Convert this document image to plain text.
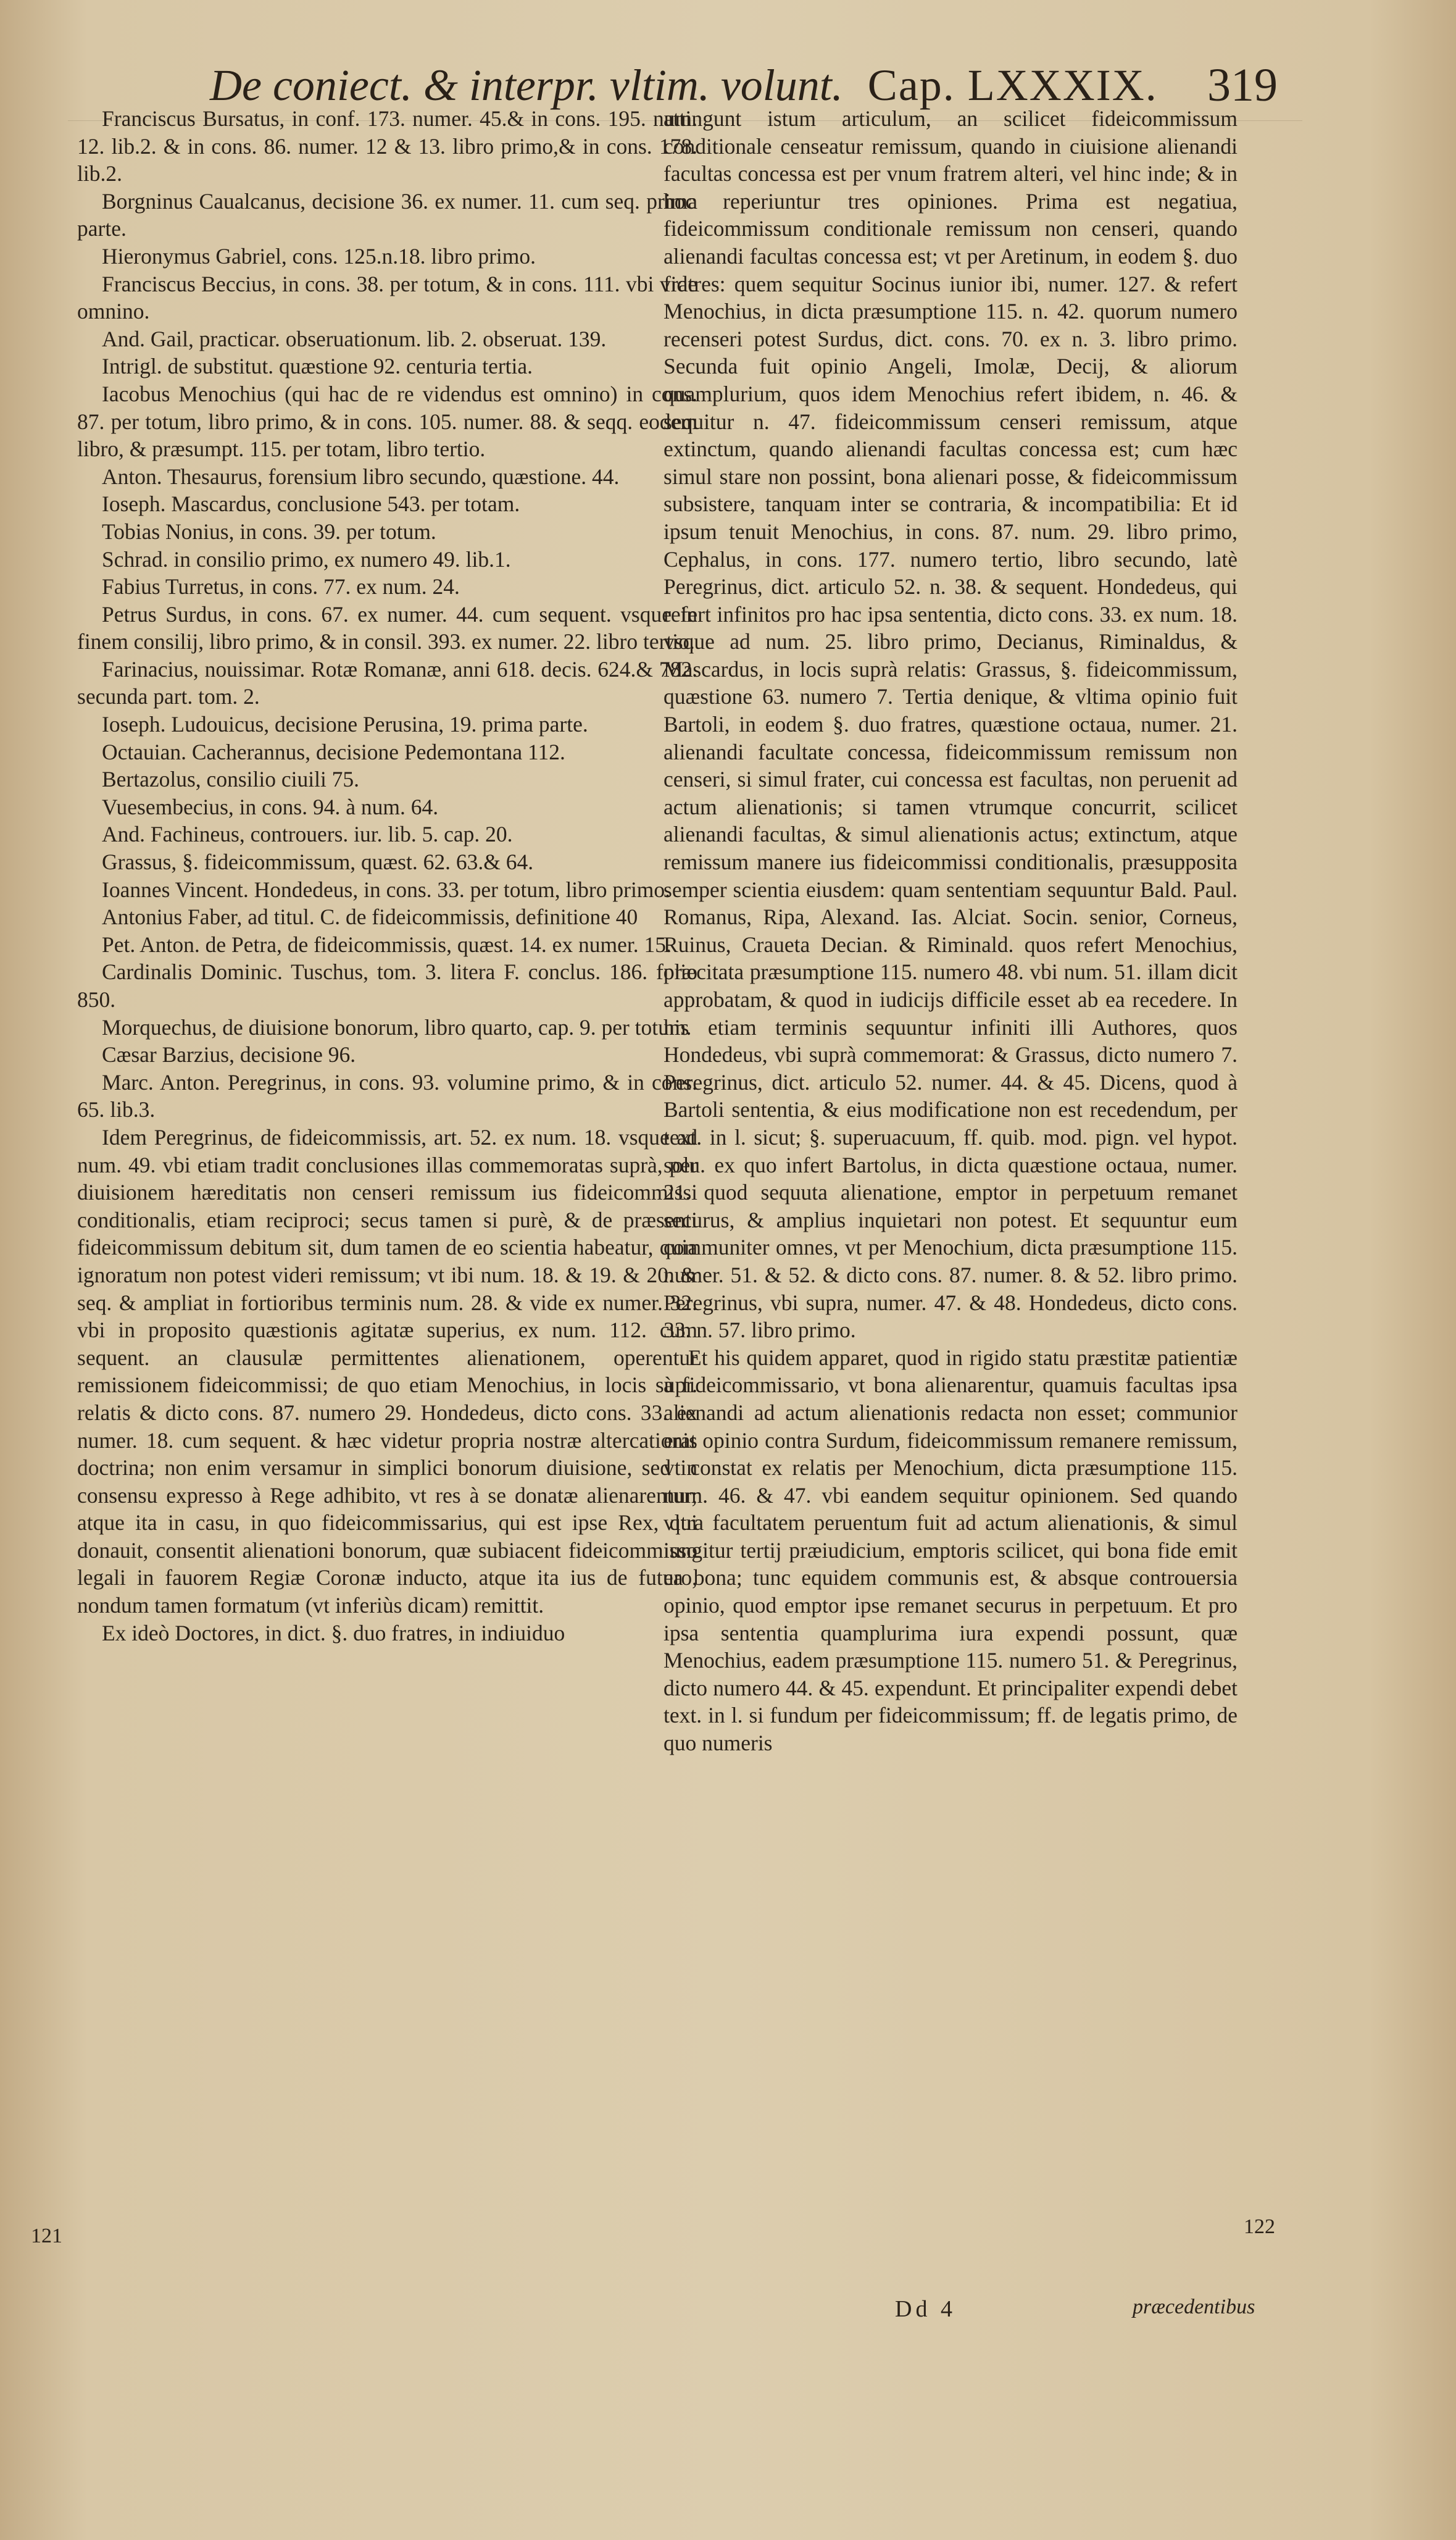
De coniect. & interpr. vltim. volunt. Cap. LXXXIX. 319

Franciscus Bursatus, in conf. 173. numer. 45.& in cons. 195. num. 12. lib.2. & in cons. 86. numer. 12 & 13. libro primo,& in cons. 178. lib.2.

Borgninus Caualcanus, decisione 36. ex numer. 11. cum seq. prima parte.

Hieronymus Gabriel, cons. 125.n.18. libro primo.

Franciscus Beccius, in cons. 38. per totum, & in cons. 111. vbi vide omnino.

And. Gail, practicar. obseruationum. lib. 2. obseruat. 139.

Intrigl. de substitut. quæstione 92. centuria tertia.

Iacobus Menochius (qui hac de re videndus est omnino) in cons. 87. per totum, libro primo, & in cons. 105. numer. 88. & seqq. eodem libro, & præsumpt. 115. per totam, libro tertio.

Anton. Thesaurus, forensium libro secundo, quæstione. 44.

Ioseph. Mascardus, conclusione 543. per totam.

Tobias Nonius, in cons. 39. per totum.

Schrad. in consilio primo, ex numero 49. lib.1.

Fabius Turretus, in cons. 77. ex num. 24.

Petrus Surdus, in cons. 67. ex numer. 44. cum sequent. vsque in finem consilij, libro primo, & in consil. 393. ex numer. 22. libro tertio.

Farinacius, nouissimar. Rotæ Romanæ, anni 618. decis. 624.& 782. secunda part. tom. 2.

Ioseph. Ludouicus, decisione Perusina, 19. prima parte.

Octauian. Cacherannus, decisione Pedemontana 112.

Bertazolus, consilio ciuili 75.

Vuesembecius, in cons. 94. à num. 64.

And. Fachineus, controuers. iur. lib. 5. cap. 20.

Grassus, §. fideicommissum, quæst. 62. 63.& 64.

Ioannes Vincent. Hondedeus, in cons. 33. per totum, libro primo.

Antonius Faber, ad titul. C. de fideicommissis, definitione 40

Pet. Anton. de Petra, de fideicommissis, quæst. 14. ex numer. 15.

Cardinalis Dominic. Tuschus, tom. 3. litera F. conclus. 186. folio 850.

Morquechus, de diuisione bonorum, libro quarto, cap. 9. per totum.

Cæsar Barzius, decisione 96.

Marc. Anton. Peregrinus, in cons. 93. volumine primo, & in cons. 65. lib.3.

Idem Peregrinus, de fideicommissis, art. 52. ex num. 18. vsque ad num. 49. vbi etiam tradit conclusiones illas commemoratas suprà, per diuisionem hæreditatis non censeri remissum ius fideicommissi conditionalis, etiam reciproci; secus tamen si purè, & de præsenti fideicommissum debitum sit, dum tamen de eo scientia habeatur, quia ignoratum non potest videri remissum; vt ibi num. 18. & 19. & 20. & seq. & ampliat in fortioribus terminis num. 28. & vide ex numer. 32. vbi in proposito quæstionis agitatæ superius, ex num. 112. cum sequent. an clausulæ permittentes alienationem, operentur remissionem fideicommissi; de quo etiam Menochius, in locis supr. relatis & dicto cons. 87. numero 29. Hondedeus, dicto cons. 33. ex numer. 18. cum sequent. & hæc videtur propria nostræ altercationis doctrina; non enim versamur in simplici bonorum diuisione, sed in consensu expresso à Rege adhibito, vt res à se donatæ alienarentur; atque ita in casu, in quo fideicommissarius, qui est ipse Rex, qui donauit, consentit alienationi bonorum, quæ subiacent fideicommisso legali in fauorem Regiæ Coronæ inducto, atque ita ius de futuro, nondum tamen formatum (vt inferiùs dicam) remittit.

Ex ideò Doctores, in dict. §. duo fratres, in indiuiduo

attingunt istum articulum, an scilicet fideicommissum conditionale censeatur remissum, quando in ciuisione alienandi facultas concessa est per vnum fratrem alteri, vel hinc inde; & in hoc reperiuntur tres opiniones. Prima est negatiua, fideicommissum conditionale remissum non censeri, quando alienandi facultas concessa est; vt per Aretinum, in eodem §. duo fratres: quem sequitur Socinus iunior ibi, numer. 127. & refert Menochius, in dicta præsumptione 115. n. 42. quorum numero recenseri potest Surdus, dict. cons. 70. ex n. 3. libro primo. Secunda fuit opinio Angeli, Imolæ, Decij, & aliorum quamplurium, quos idem Menochius refert ibidem, n. 46. & sequitur n. 47. fideicommissum censeri remissum, atque extinctum, quando alienandi facultas concessa est; cum hæc simul stare non possint, bona alienari posse, & fideicommissum subsistere, tanquam inter se contraria, & incompatibilia: Et id ipsum tenuit Menochius, in cons. 87. num. 29. libro primo, Cephalus, in cons. 177. numero tertio, libro secundo, latè Peregrinus, dict. articulo 52. n. 38. & sequent. Hondedeus, qui refert infinitos pro hac ipsa sententia, dicto cons. 33. ex num. 18. vsque ad num. 25. libro primo, Decianus, Riminaldus, & Mascardus, in locis suprà relatis: Grassus, §. fideicommissum, quæstione 63. numero 7. Tertia denique, & vltima opinio fuit Bartoli, in eodem §. duo fratres, quæstione octaua, numer. 21. alienandi facultate concessa, fideicommissum remissum non censeri, si simul frater, cui concessa est facultas, non peruenit ad actum alienationis; si tamen vtrumque concurrit, scilicet alienandi facultas, & simul alienationis actus; extinctum, atque remissum manere ius fideicommissi conditionalis, præsupposita semper scientia eiusdem: quam sententiam sequuntur Bald. Paul. Romanus, Ripa, Alexand. Ias. Alciat. Socin. senior, Corneus, Ruinus, Craueta Decian. & Riminald. quos refert Menochius, præcitata præsumptione 115. numero 48. vbi num. 51. illam dicit approbatam, & quod in iudicijs difficile esset ab ea recedere. In his etiam terminis sequuntur infiniti illi Authores, quos Hondedeus, vbi suprà commemorat: & Grassus, dicto numero 7. Peregrinus, dict. articulo 52. numer. 44. & 45. Dicens, quod à Bartoli sententia, & eius modificatione non est recedendum, per text. in l. sicut; §. superuacuum, ff. quib. mod. pign. vel hypot. solu. ex quo infert Bartolus, in dicta quæstione octaua, numer. 21. quod sequuta alienatione, emptor in perpetuum remanet securus, & amplius inquietari non potest. Et sequuntur eum communiter omnes, vt per Menochium, dicta præsumptione 115. numer. 51. & 52. & dicto cons. 87. numer. 8. & 52. libro primo. Peregrinus, vbi supra, numer. 47. & 48. Hondedeus, dicto cons. 33. n. 57. libro primo.

Et his quidem apparet, quod in rigido statu præstitæ patientiæ à fideicommissario, vt bona alienarentur, quamuis facultas ipsa alienandi ad actum alienationis redacta non esset; communior erat opinio contra Surdum, fideicommissum remanere remissum, vt constat ex relatis per Menochium, dicta præsumptione 115. num. 46. & 47. vbi eandem sequitur opinionem. Sed quando vltra facultatem peruentum fuit ad actum alienationis, & simul iungitur tertij præiudicium, emptoris scilicet, qui bona fide emit ea bona; tunc equidem communis est, & absque controuersia opinio, quod emptor ipse remanet securus in perpetuum. Et pro ipsa sententia quamplurima iura expendi possunt, quæ Menochius, eadem præsumptione 115. numero 51. & Peregrinus, dicto numero 44. & 45. expendunt. Et principaliter expendi debet text. in l. si fundum per fideicommissum; ff. de legatis primo, de quo numeris

121	122
Dd 4	præcedentibus
